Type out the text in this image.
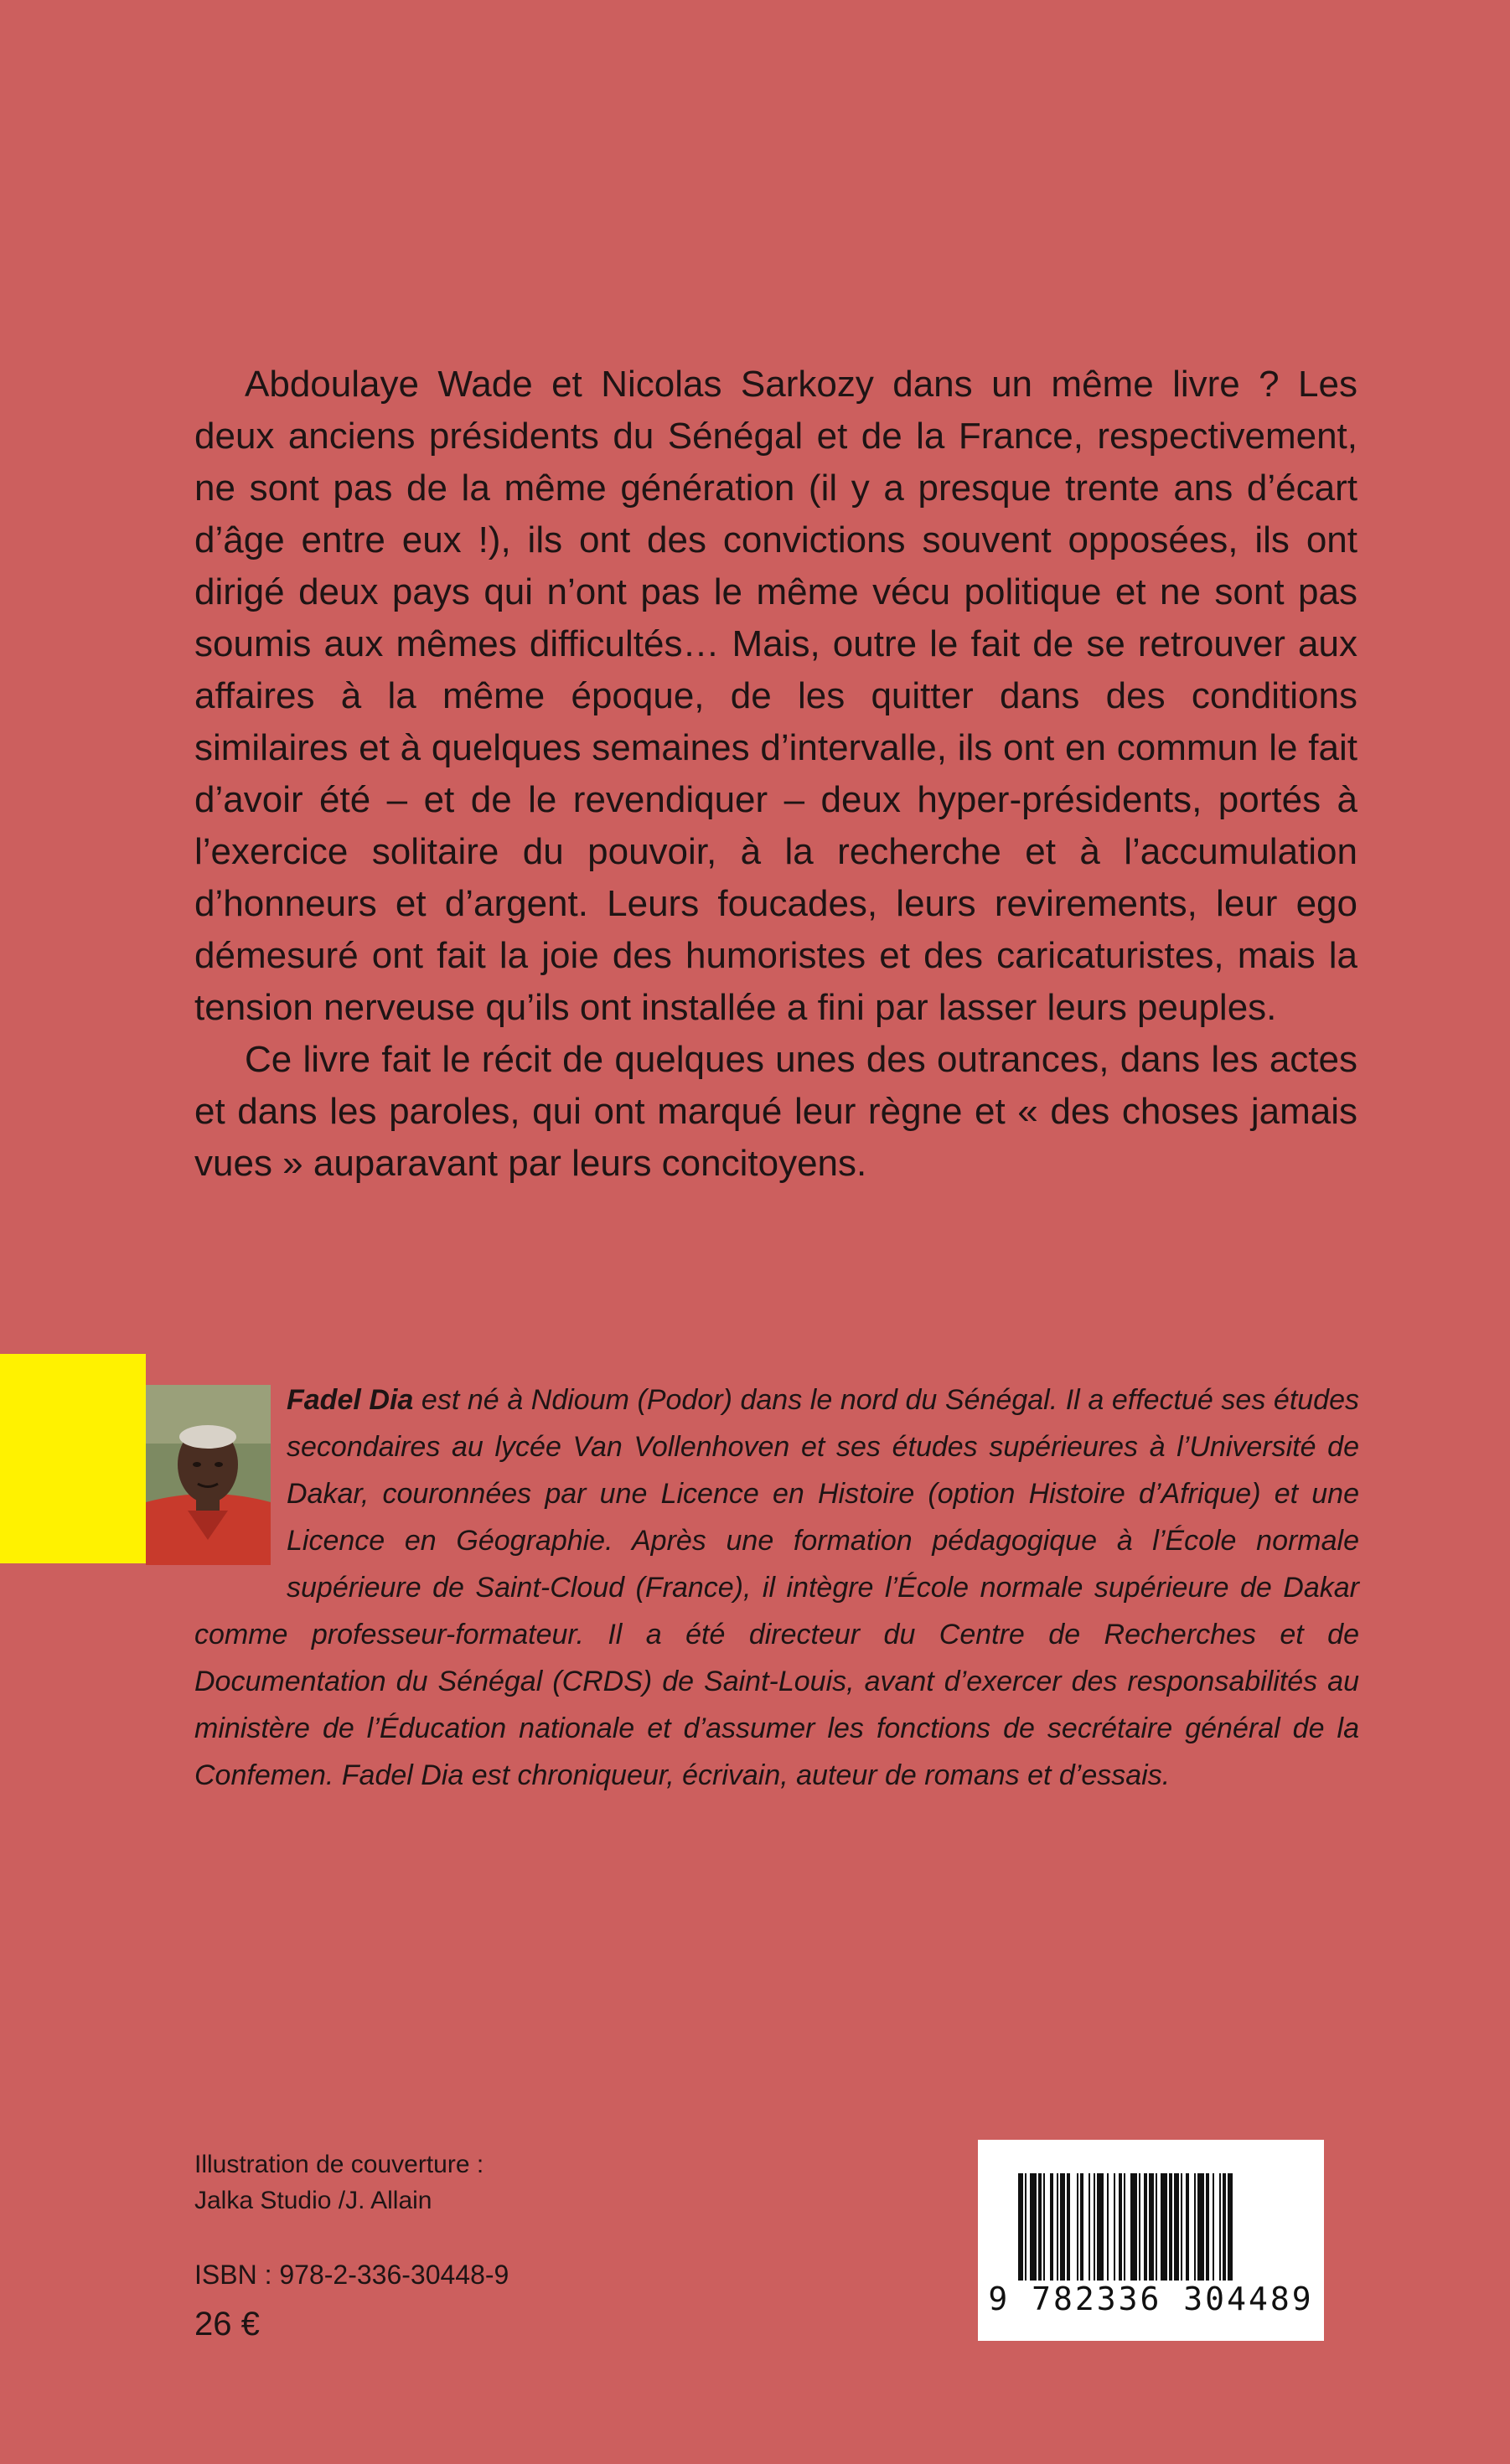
Abdoulaye Wade et Nicolas Sarkozy dans un même livre ? Les deux anciens présidents du Sénégal et de la France, respectivement, ne sont pas de la même génération (il y a presque trente ans d’écart d’âge entre eux !), ils ont des convictions souvent opposées, ils ont dirigé deux pays qui n’ont pas le même vécu politique et ne sont pas soumis aux mêmes difficultés… Mais, outre le fait de se retrouver aux affaires à la même époque, de les quitter dans des conditions similaires et à quelques semaines d’intervalle, ils ont en commun le fait d’avoir été – et de le revendiquer – deux hyper-présidents, portés à l’exercice solitaire du pouvoir, à la recherche et à l’accumulation d’honneurs et d’argent. Leurs foucades, leurs revirements, leur ego démesuré ont fait la joie des humoristes et des caricaturistes, mais la tension nerveuse qu’ils ont installée a fini par lasser leurs peuples.

Ce livre fait le récit de quelques unes des outrances, dans les actes et dans les paroles, qui ont marqué leur règne et « des choses jamais vues » auparavant par leurs concitoyens.

Fadel Dia est né à Ndioum (Podor) dans le nord du Sénégal. Il a effectué ses études secondaires au lycée Van Vollenhoven et ses études supérieures à l’Université de Dakar, couronnées par une Licence en Histoire (option Histoire d’Afrique) et une Licence en Géographie. Après une formation pédagogique à l’École normale supérieure de Saint-Cloud (France), il intègre l’École normale supérieure de Dakar comme professeur-formateur. Il a été directeur du Centre de Recherches et de Documentation du Sénégal (CRDS) de Saint-Louis, avant d’exercer des responsabilités au ministère de l’Éducation nationale et d’assumer les fonctions de secrétaire général de la Confemen. Fadel Dia est chroniqueur, écrivain, auteur de romans et d’essais.
Illustration de couverture :
Jalka Studio /J. Allain
ISBN : 978-2-336-30448-9
26 €
9 782336 304489
